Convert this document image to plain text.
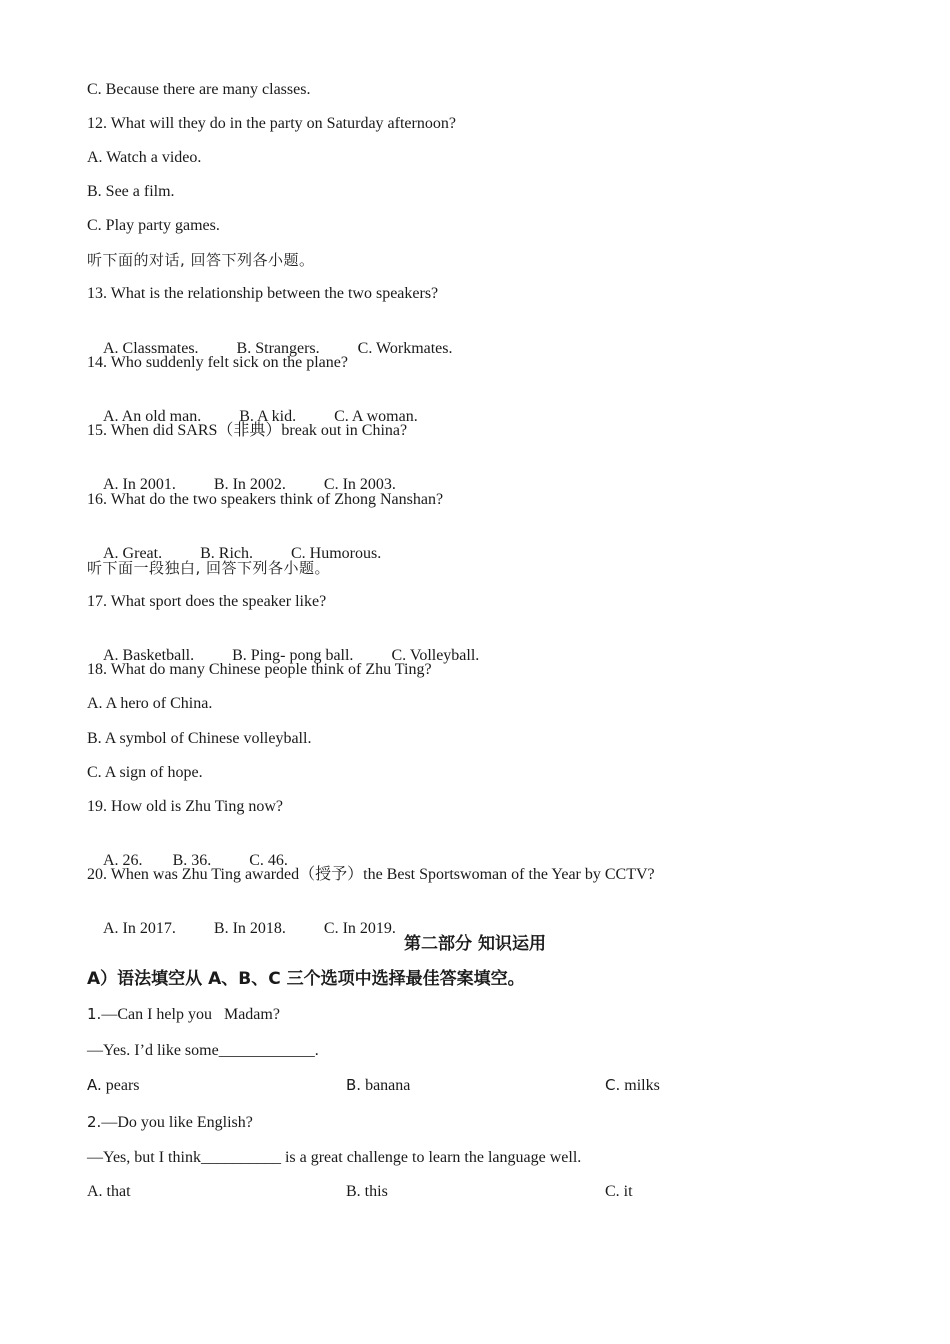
C. Because there are many classes.
12. What will they do in the party on Saturday afternoon?
A. Watch a video.
B. See a film.
C. Play party games.
听下面的对话, 回答下列各小题。
13. What is the relationship between the two speakers?

A. Classmates. B. Strangers. C. Workmates.

14. Who suddenly felt sick on the plane?

A. An old man. B. A kid. C. A woman.

15. When did SARS（非典）break out in China?

A. In 2001. B. In 2002. C. In 2003.

16. What do the two speakers think of Zhong Nanshan?

A. Great. B. Rich. C. Humorous.

听下面一段独白, 回答下列各小题。
17. What sport does the speaker like?

A. Basketball. B. Ping- pong ball. C. Volleyball.

18. What do many Chinese people think of Zhu Ting?
A. A hero of China.
B. A symbol of Chinese volleyball.
C. A sign of hope.
19. How old is Zhu Ting now?

A. 26. B. 36. C. 46.

20. When was Zhu Ting awarded（授予）the Best Sportswoman of the Year by CCTV?

A. In 2017. B. In 2018. C. In 2019.

第二部分 知识运用
A）语法填空从 A、B、C 三个选项中选择最佳答案填空。
1.—Can I help you   Madam?
—Yes. I’d like some____________.
A. pears	B. banana	C. milks
2.—Do you like English?
—Yes, but I think__________ is a great challenge to learn the language well.
A. that	B. this	C. it
